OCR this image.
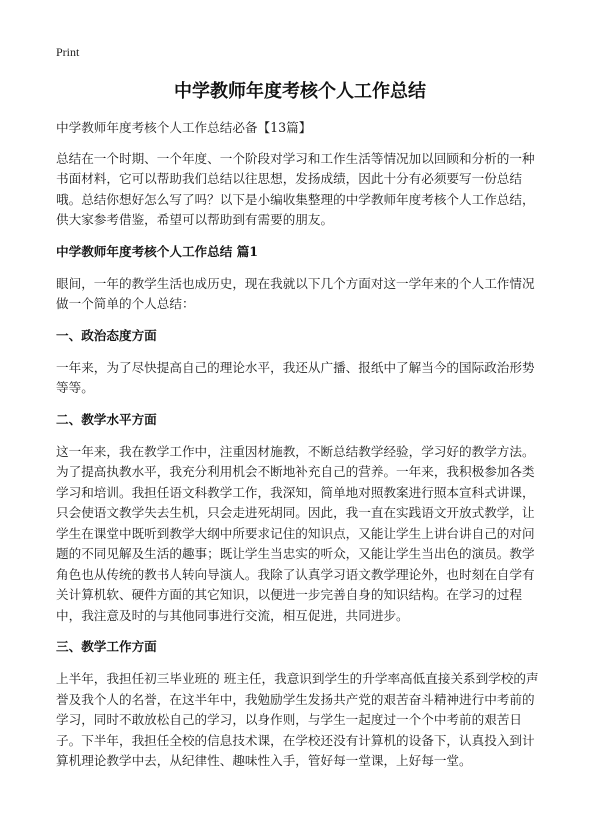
Print
中学教师年度考核个人工作总结

中学教师年度考核个人工作总结必备【13篇】

总结在一个时期、一个年度、一个阶段对学习和工作生活等情况加以回顾和分析的一种书面材料，它可以帮助我们总结以往思想，发扬成绩，因此十分有必须要写一份总结哦。总结你想好怎么写了吗？以下是小编收集整理的中学教师年度考核个人工作总结，供大家参考借鉴，希望可以帮助到有需要的朋友。

中学教师年度考核个人工作总结 篇1

眼间，一年的教学生活也成历史，现在我就以下几个方面对这一学年来的个人工作情况做一个简单的个人总结：

一、政治态度方面

一年来，为了尽快提高自己的理论水平，我还从广播、报纸中了解当今的国际政治形势等等。

二、教学水平方面

这一年来，我在教学工作中，注重因材施教，不断总结教学经验，学习好的教学方法。为了提高执教水平，我充分利用机会不断地补充自己的营养。一年来，我积极参加各类学习和培训。我担任语文科教学工作，我深知，简单地对照教案进行照本宣科式讲课，只会使语文教学失去生机，只会走进死胡同。因此，我一直在实践语文开放式教学，让学生在课堂中既听到教学大纲中所要求记住的知识点，又能让学生上讲台讲自己的对问题的不同见解及生活的趣事；既让学生当忠实的听众，又能让学生当出色的演员。教学角色也从传统的教书人转向导演人。我除了认真学习语文教学理论外，也时刻在自学有关计算机软、硬件方面的其它知识，以便进一步完善自身的知识结构。在学习的过程中，我注意及时的与其他同事进行交流，相互促进，共同进步。

三、教学工作方面

上半年，我担任初三毕业班的 班主任，我意识到学生的升学率高低直接关系到学校的声誉及我个人的名誉，在这半年中，我勉励学生发扬共产党的艰苦奋斗精神进行中考前的学习，同时不敢放松自己的学习，以身作则，与学生一起度过一个个中考前的艰苦日子。下半年，我担任全校的信息技术课，在学校还没有计算机的设备下，认真投入到计算机理论教学中去，从纪律性、趣味性入手，管好每一堂课，上好每一堂。
